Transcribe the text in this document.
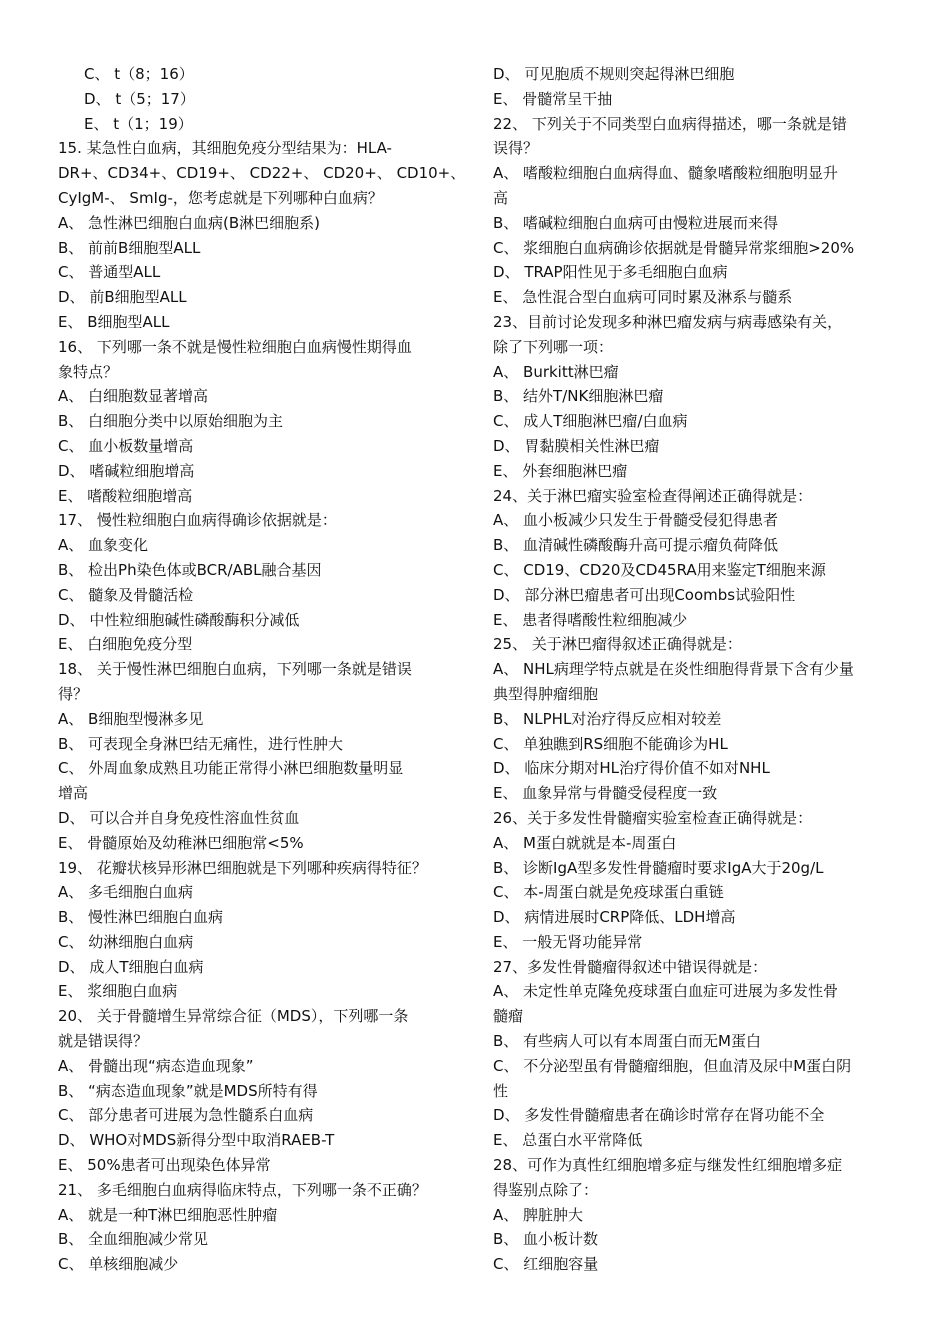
C、 t（8；16）
D、 t（5；17）
E、 t（1；19）
15. 某急性白血病，其细胞免疫分型结果为：HLA-
DR+、CD34+、CD19+、 CD22+、 CD20+、 CD10+、
CyIgM-、 SmIg-，您考虑就是下列哪种白血病？
A、 急性淋巴细胞白血病(B淋巴细胞系)
B、 前前B细胞型ALL
C、 普通型ALL
D、 前B细胞型ALL
E、 B细胞型ALL
16、 下列哪一条不就是慢性粒细胞白血病慢性期得血
象特点？
A、 白细胞数显著增高
B、 白细胞分类中以原始细胞为主
C、 血小板数量增高
D、 嗜碱粒细胞增高
E、 嗜酸粒细胞增高
17、 慢性粒细胞白血病得确诊依据就是：
A、 血象变化
B、 检出Ph染色体或BCR/ABL融合基因
C、 髓象及骨髓活检
D、 中性粒细胞碱性磷酸酶积分减低
E、 白细胞免疫分型
18、 关于慢性淋巴细胞白血病，下列哪一条就是错误
得？
A、 B细胞型慢淋多见
B、 可表现全身淋巴结无痛性，进行性肿大
C、 外周血象成熟且功能正常得小淋巴细胞数量明显
增高
D、 可以合并自身免疫性溶血性贫血
E、 骨髓原始及幼稚淋巴细胞常<5%
19、 花瓣状核异形淋巴细胞就是下列哪种疾病得特征？
A、 多毛细胞白血病
B、 慢性淋巴细胞白血病
C、 幼淋细胞白血病
D、 成人T细胞白血病
E、 浆细胞白血病
20、 关于骨髓增生异常综合征（MDS），下列哪一条
就是错误得？
A、 骨髓出现“病态造血现象”
B、 “病态造血现象”就是MDS所特有得
C、 部分患者可进展为急性髓系白血病
D、 WHO对MDS新得分型中取消RAEB-T
E、 50%患者可出现染色体异常
21、 多毛细胞白血病得临床特点，下列哪一条不正确？
A、 就是一种T淋巴细胞恶性肿瘤
B、 全血细胞减少常见
C、 单核细胞减少
D、 可见胞质不规则突起得淋巴细胞
E、 骨髓常呈干抽
22、 下列关于不同类型白血病得描述，哪一条就是错
误得？
A、 嗜酸粒细胞白血病得血、髓象嗜酸粒细胞明显升
高
B、 嗜碱粒细胞白血病可由慢粒进展而来得
C、 浆细胞白血病确诊依据就是骨髓异常浆细胞>20%
D、 TRAP阳性见于多毛细胞白血病
E、 急性混合型白血病可同时累及淋系与髓系
23、目前讨论发现多种淋巴瘤发病与病毒感染有关，
除了下列哪一项：
A、 Burkitt淋巴瘤
B、 结外T/NK细胞淋巴瘤
C、 成人T细胞淋巴瘤/白血病
D、 胃黏膜相关性淋巴瘤
E、 外套细胞淋巴瘤
24、关于淋巴瘤实验室检查得阐述正确得就是：
A、 血小板减少只发生于骨髓受侵犯得患者
B、 血清碱性磷酸酶升高可提示瘤负荷降低
C、 CD19、CD20及CD45RA用来鉴定T细胞来源
D、 部分淋巴瘤患者可出现Coombs试验阳性
E、 患者得嗜酸性粒细胞减少
25、 关于淋巴瘤得叙述正确得就是：
A、 NHL病理学特点就是在炎性细胞得背景下含有少量
典型得肿瘤细胞
B、 NLPHL对治疗得反应相对较差
C、 单独瞧到RS细胞不能确诊为HL
D、 临床分期对HL治疗得价值不如对NHL
E、 血象异常与骨髓受侵程度一致
26、关于多发性骨髓瘤实验室检查正确得就是：
A、 M蛋白就就是本-周蛋白
B、 诊断IgA型多发性骨髓瘤时要求IgA大于20g/L
C、 本-周蛋白就是免疫球蛋白重链
D、 病情进展时CRP降低、LDH增高
E、 一般无肾功能异常
27、多发性骨髓瘤得叙述中错误得就是：
A、 未定性单克隆免疫球蛋白血症可进展为多发性骨
髓瘤
B、 有些病人可以有本周蛋白而无M蛋白
C、 不分泌型虽有骨髓瘤细胞，但血清及尿中M蛋白阴
性
D、 多发性骨髓瘤患者在确诊时常存在肾功能不全
E、 总蛋白水平常降低
28、可作为真性红细胞增多症与继发性红细胞增多症
得鉴别点除了：
A、 脾脏肿大
B、 血小板计数
C、 红细胞容量
